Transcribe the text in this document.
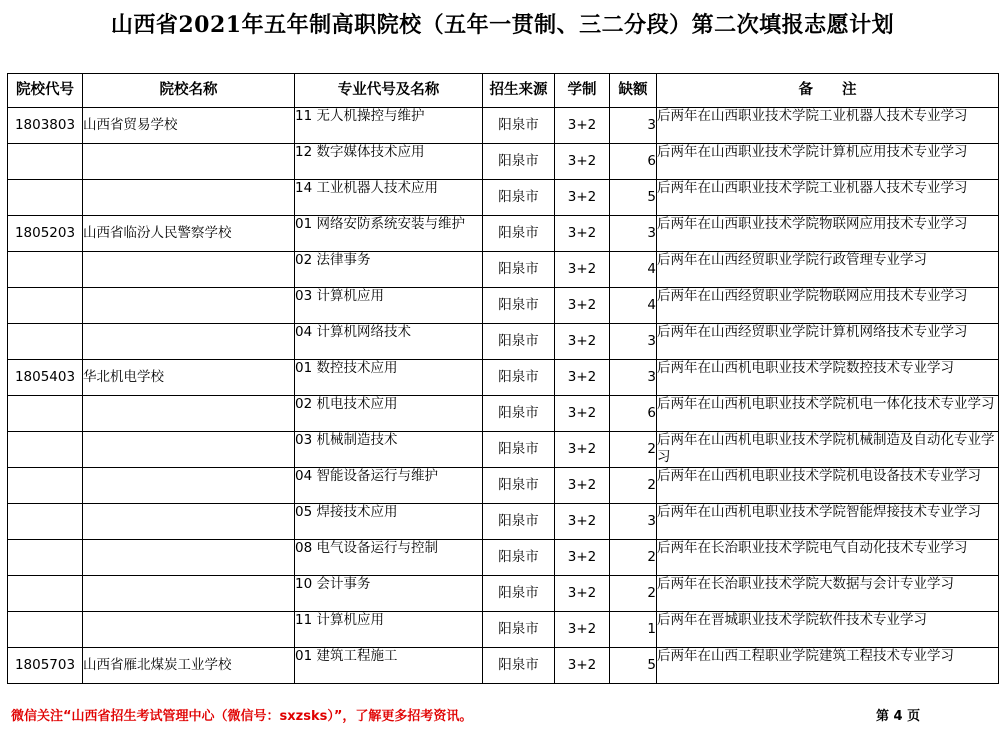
山西省2021年五年制高职院校（五年一贯制、三二分段）第二次填报志愿计划
院校代号	院校名称	专业代号及名称	招生来源	学制	缺额	备　　注
1803803	山西省贸易学校	11 无人机操控与维护	阳泉市	3+2	3	后两年在山西职业技术学院工业机器人技术专业学习
		12 数字媒体技术应用	阳泉市	3+2	6	后两年在山西职业技术学院计算机应用技术专业学习
		14 工业机器人技术应用	阳泉市	3+2	5	后两年在山西职业技术学院工业机器人技术专业学习
1805203	山西省临汾人民警察学校	01 网络安防系统安装与维护	阳泉市	3+2	3	后两年在山西职业技术学院物联网应用技术专业学习
		02 法律事务	阳泉市	3+2	4	后两年在山西经贸职业学院行政管理专业学习
		03 计算机应用	阳泉市	3+2	4	后两年在山西经贸职业学院物联网应用技术专业学习
		04 计算机网络技术	阳泉市	3+2	3	后两年在山西经贸职业学院计算机网络技术专业学习
1805403	华北机电学校	01 数控技术应用	阳泉市	3+2	3	后两年在山西机电职业技术学院数控技术专业学习
		02 机电技术应用	阳泉市	3+2	6	后两年在山西机电职业技术学院机电一体化技术专业学习
		03 机械制造技术	阳泉市	3+2	2	后两年在山西机电职业技术学院机械制造及自动化专业学习
		04 智能设备运行与维护	阳泉市	3+2	2	后两年在山西机电职业技术学院机电设备技术专业学习
		05 焊接技术应用	阳泉市	3+2	3	后两年在山西机电职业技术学院智能焊接技术专业学习
		08 电气设备运行与控制	阳泉市	3+2	2	后两年在长治职业技术学院电气自动化技术专业学习
		10 会计事务	阳泉市	3+2	2	后两年在长治职业技术学院大数据与会计专业学习
		11 计算机应用	阳泉市	3+2	1	后两年在晋城职业技术学院软件技术专业学习
1805703	山西省雁北煤炭工业学校	01 建筑工程施工	阳泉市	3+2	5	后两年在山西工程职业学院建筑工程技术专业学习
微信关注“山西省招生考试管理中心（微信号：sxzsks）”，了解更多招考资讯。	第 4 页
